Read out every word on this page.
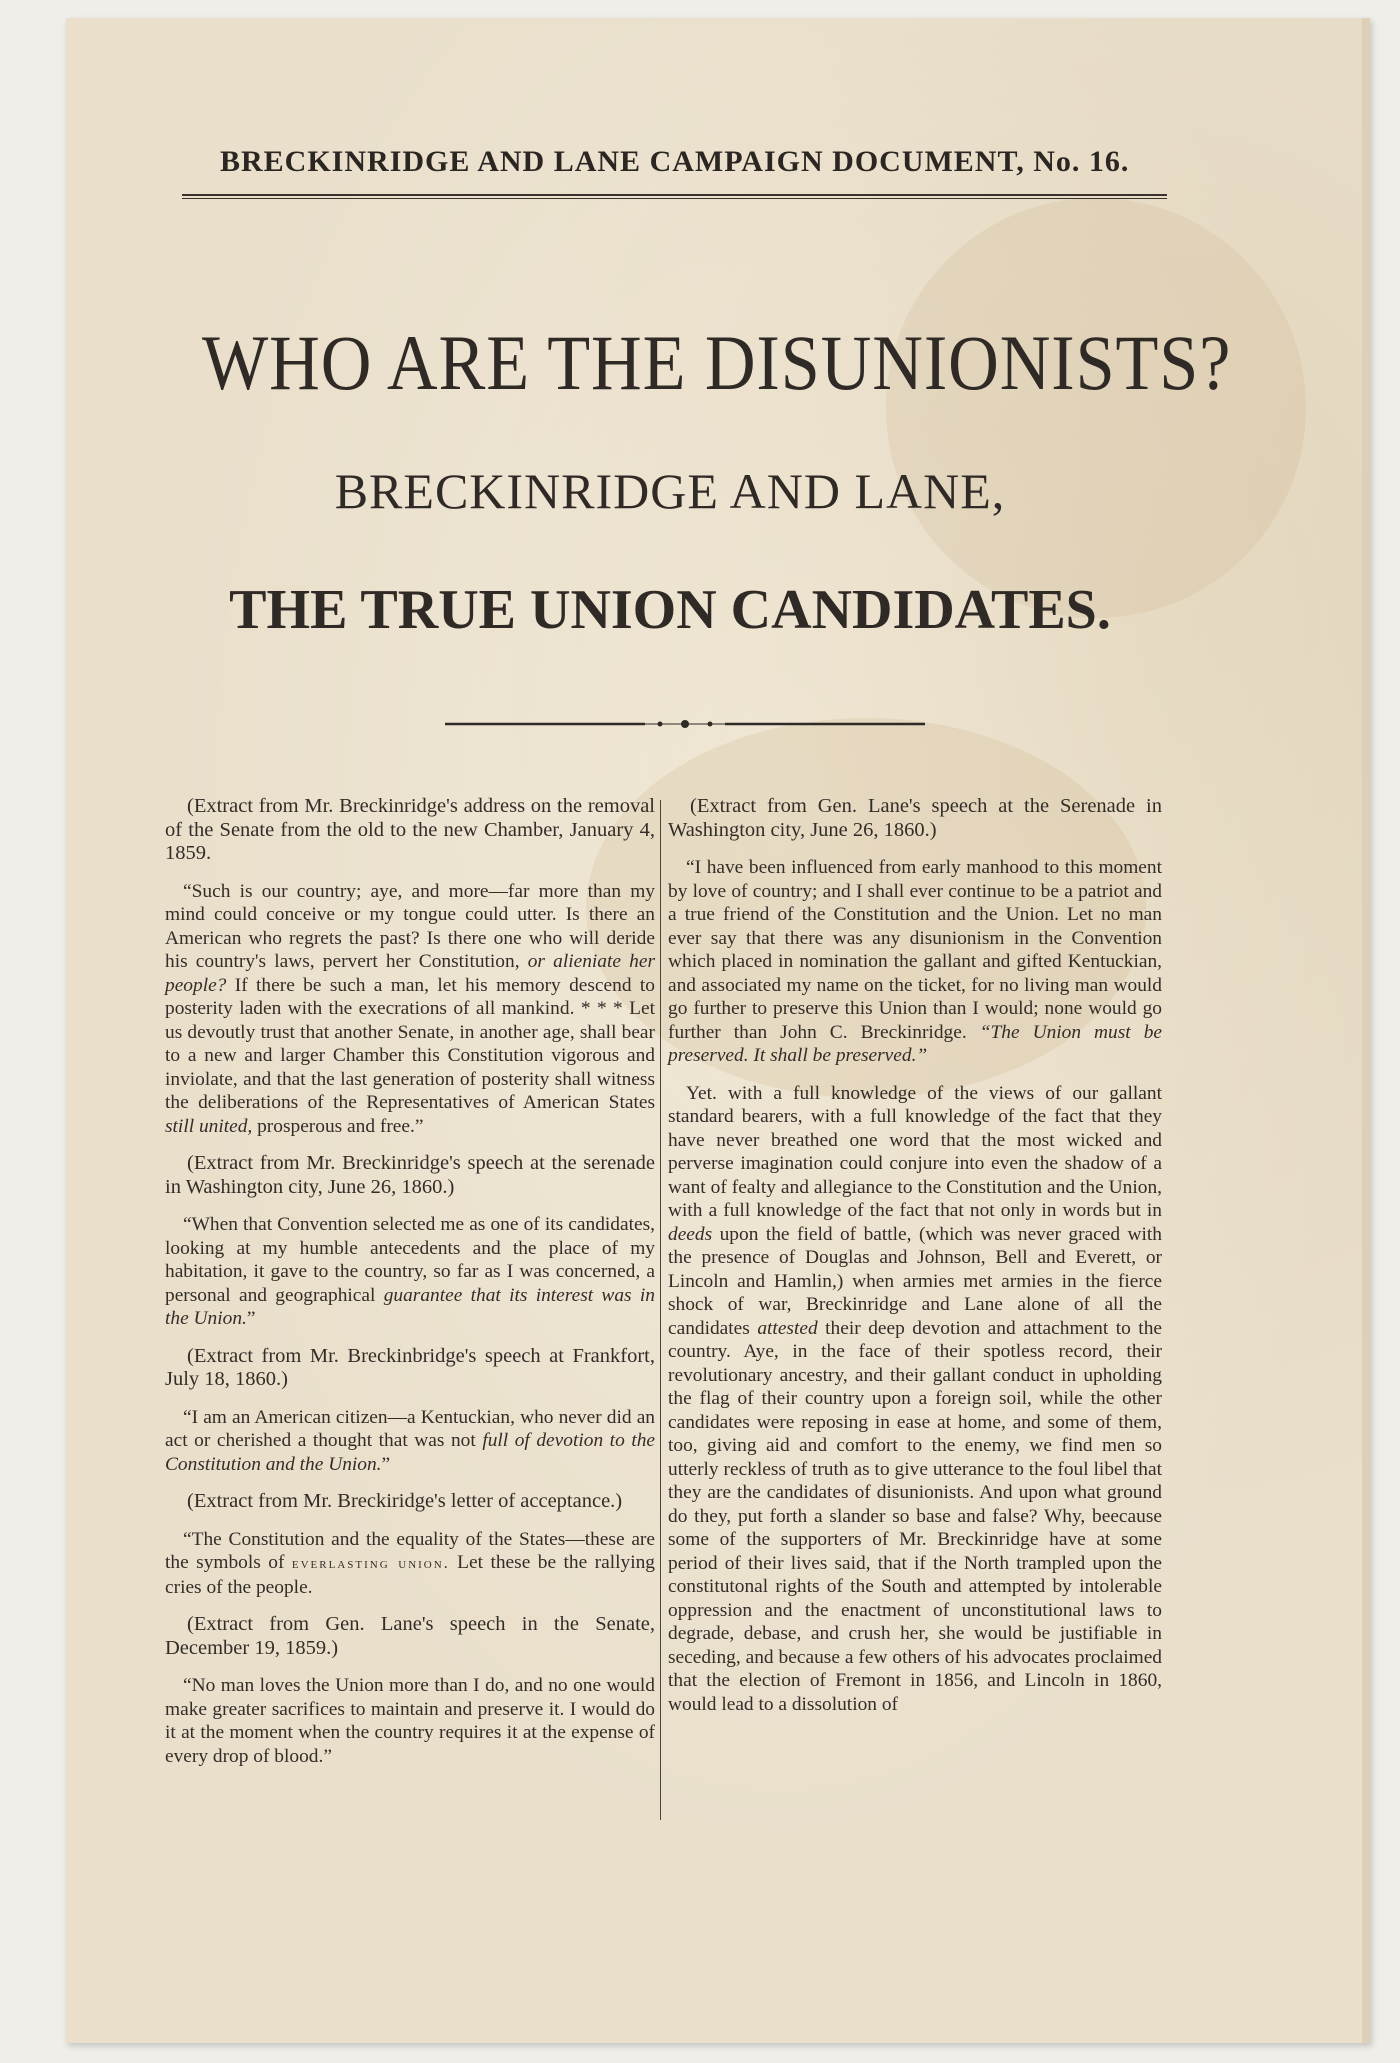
BRECKINRIDGE AND LANE CAMPAIGN DOCUMENT, No. 16.
WHO ARE THE DISUNIONISTS?
BRECKINRIDGE AND LANE,
THE TRUE UNION CANDIDATES.

(Extract from Mr. Breckinridge's address on the removal of the Senate from the old to the new Chamber, January 4, 1859.

“Such is our country; aye, and more—far more than my mind could conceive or my tongue could utter. Is there an American who regrets the past? Is there one who will deride his country's laws, pervert her Constitution, or alieniate her people? If there be such a man, let his memory descend to posterity laden with the execrations of all mankind. * * * Let us devoutly trust that another Senate, in another age, shall bear to a new and larger Chamber this Constitution vigorous and inviolate, and that the last generation of posterity shall witness the deliberations of the Representatives of American States still united, prosperous and free.”

(Extract from Mr. Breckinridge's speech at the serenade in Washington city, June 26, 1860.)

“When that Convention selected me as one of its candidates, looking at my humble antecedents and the place of my habitation, it gave to the country, so far as I was concerned, a personal and geographical guarantee that its interest was in the Union.”

(Extract from Mr. Breckinbridge's speech at Frankfort, July 18, 1860.)

“I am an American citizen—a Kentuckian, who never did an act or cherished a thought that was not full of devotion to the Constitution and the Union.”

(Extract from Mr. Breckiridge's letter of acceptance.)

“The Constitution and the equality of the States—these are the symbols of everlasting union. Let these be the rallying cries of the people.

(Extract from Gen. Lane's speech in the Senate, December 19, 1859.)

“No man loves the Union more than I do, and no one would make greater sacrifices to maintain and preserve it. I would do it at the moment when the country requires it at the expense of every drop of blood.”

(Extract from Gen. Lane's speech at the Serenade in Washington city, June 26, 1860.)

“I have been influenced from early manhood to this moment by love of country; and I shall ever continue to be a patriot and a true friend of the Constitution and the Union. Let no man ever say that there was any disunionism in the Convention which placed in nomination the gallant and gifted Kentuckian, and associated my name on the ticket, for no living man would go further to preserve this Union than I would; none would go further than John C. Breckinridge. “The Union must be preserved. It shall be preserved.”

Yet. with a full knowledge of the views of our gallant standard bearers, with a full knowledge of the fact that they have never breathed one word that the most wicked and perverse imagination could conjure into even the shadow of a want of fealty and allegiance to the Constitution and the Union, with a full knowledge of the fact that not only in words but in deeds upon the field of battle, (which was never graced with the presence of Douglas and Johnson, Bell and Everett, or Lincoln and Hamlin,) when armies met armies in the fierce shock of war, Breckinridge and Lane alone of all the candidates attested their deep devotion and attachment to the country. Aye, in the face of their spotless record, their revolutionary ancestry, and their gallant conduct in upholding the flag of their country upon a foreign soil, while the other candidates were reposing in ease at home, and some of them, too, giving aid and comfort to the enemy, we find men so utterly reckless of truth as to give utterance to the foul libel that they are the candidates of disunionists. And upon what ground do they, put forth a slander so base and false? Why, beecause some of the supporters of Mr. Breckinridge have at some period of their lives said, that if the North trampled upon the constitutonal rights of the South and attempted by intolerable oppression and the enactment of unconstitutional laws to degrade, debase, and crush her, she would be justifiable in seceding, and because a few others of his advocates proclaimed that the election of Fremont in 1856, and Lincoln in 1860, would lead to a dissolution of
